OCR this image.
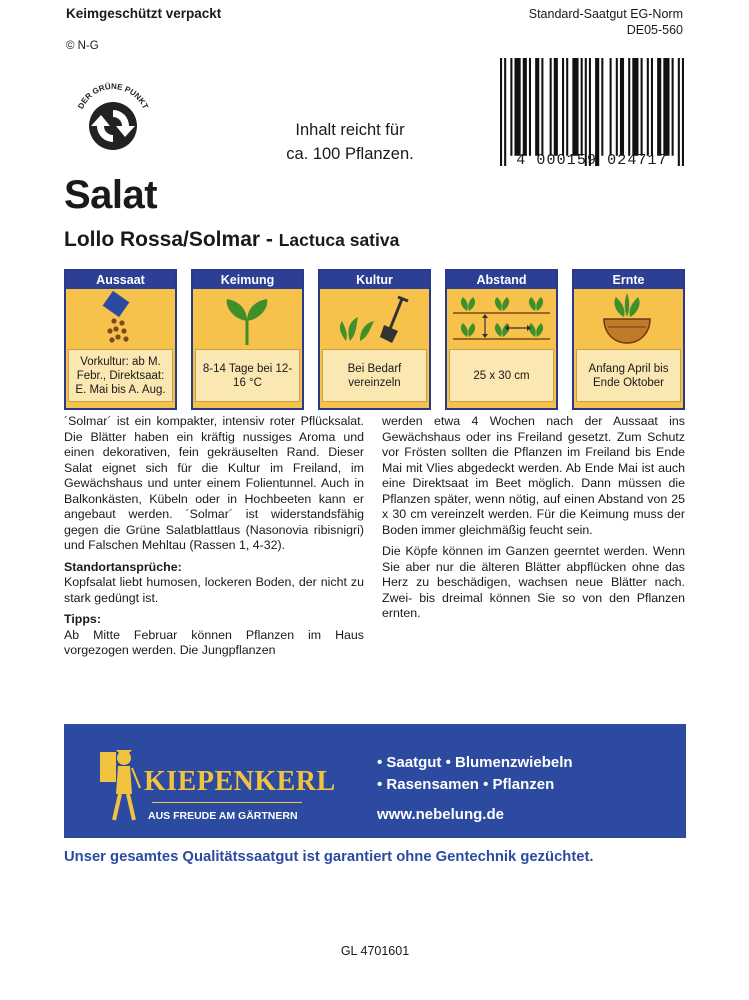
Keimgeschützt verpackt
© N-G
Standard-Saatgut EG-Norm
DE05-560
DER GRÜNE PUNKT
Inhalt reicht für
ca. 100 Pflanzen.	4 000159 024717
Salat
Lollo Rossa/Solmar - Lactuca sativa
Aussaat
Vorkultur: ab M. Febr., Direktsaat: E. Mai bis A. Aug.
Keimung
8-14 Tage bei 12-16 °C
Kultur
Bei Bedarf vereinzeln
Abstand
25 x 30 cm
Ernte
Anfang April bis Ende Oktober

´Solmar´ ist ein kompakter, intensiv roter Pflücksalat. Die Blätter haben ein kräftig nussiges Aroma und einen dekorativen, fein gekräuselten Rand. Dieser Salat eignet sich für die Kultur im Freiland, im Gewächshaus und unter einem Folientunnel. Auch in Balkonkästen, Kübeln oder in Hochbeeten kann er angebaut werden. ´Solmar´ ist widerstandsfähig gegen die Grüne Salatblattlaus (Nasonovia ribisnigri) und Falschen Mehltau (Rassen 1, 4-32).

Standortansprüche:

Kopfsalat liebt humosen, lockeren Boden, der nicht zu stark gedüngt ist.

Tipps:

Ab Mitte Februar können Pflanzen im Haus vorgezogen werden. Die Jungpflanzen

werden etwa 4 Wochen nach der Aussaat ins Gewächshaus oder ins Freiland gesetzt. Zum Schutz vor Frösten sollten die Pflanzen im Freiland bis Ende Mai mit Vlies abgedeckt werden. Ab Ende Mai ist auch eine Direktsaat im Beet möglich. Dann müssen die Pflanzen später, wenn nötig, auf einen Abstand von 25 x 30 cm vereinzelt werden. Für die Keimung muss der Boden immer gleichmäßig feucht sein.

Die Köpfe können im Ganzen geerntet werden. Wenn Sie aber nur die älteren Blätter abpflücken ohne das Herz zu beschädigen, wachsen neue Blätter nach. Zwei- bis dreimal können Sie so von den Pflanzen ernten.

KIEPENKERL
AUS FREUDE AM GÄRTNERN
• Saatgut • Blumenzwiebeln
• Rasensamen • Pflanzen
www.nebelung.de
Unser gesamtes Qualitätssaatgut ist garantiert ohne Gentechnik gezüchtet.
GL 4701601
